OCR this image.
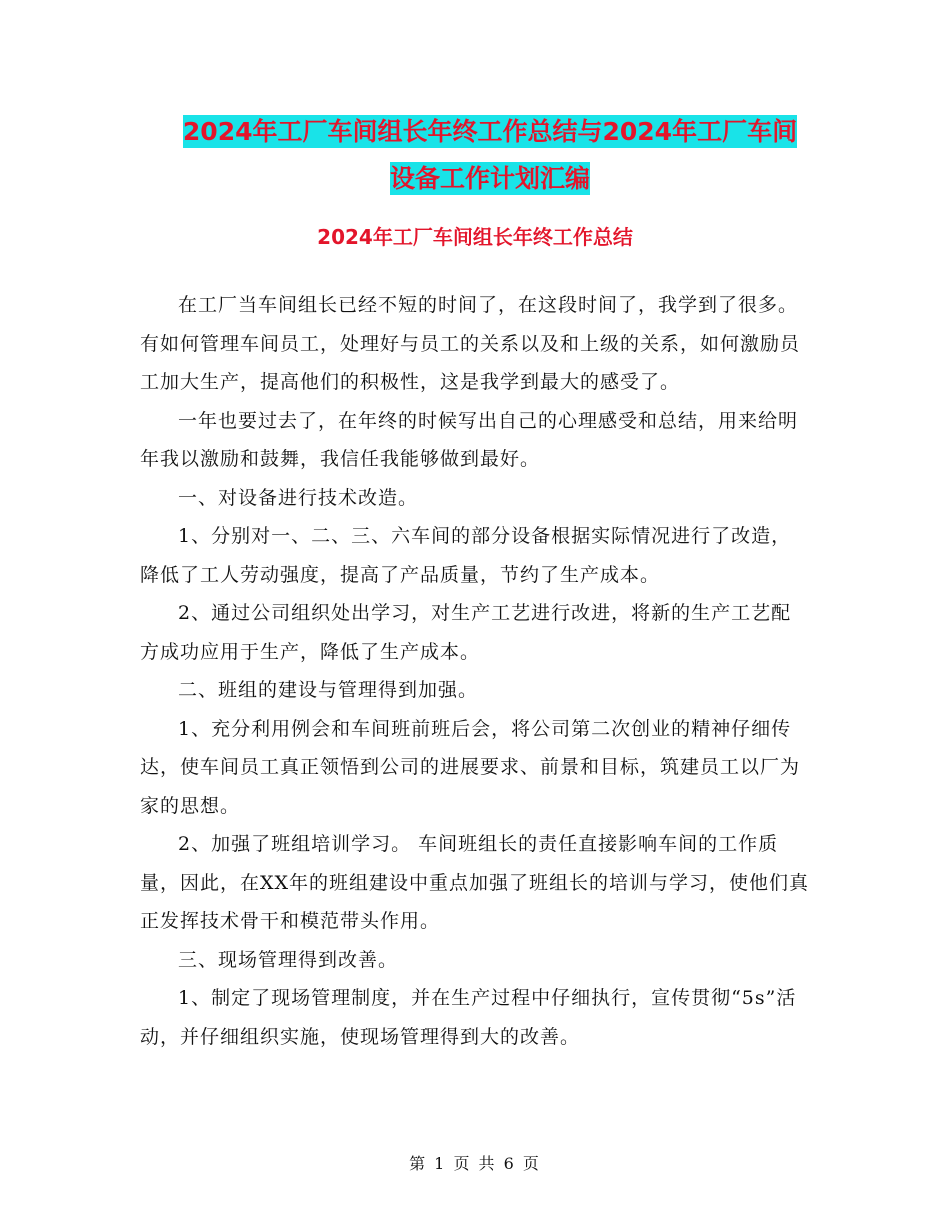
2024年工厂车间组长年终工作总结与2024年工厂车间
设备工作计划汇编
2024年工厂车间组长年终工作总结

在工厂当车间组长已经不短的时间了，在这段时间了，我学到了很多。有如何管理车间员工，处理好与员工的关系以及和上级的关系，如何激励员工加大生产，提高他们的积极性，这是我学到最大的感受了。

一年也要过去了，在年终的时候写出自己的心理感受和总结，用来给明年我以激励和鼓舞，我信任我能够做到最好。

一、对设备进行技术改造。

1、分别对一、二、三、六车间的部分设备根据实际情况进行了改造，降低了工人劳动强度，提高了产品质量，节约了生产成本。

2、通过公司组织处出学习，对生产工艺进行改进，将新的生产工艺配方成功应用于生产，降低了生产成本。

二、班组的建设与管理得到加强。

1、充分利用例会和车间班前班后会，将公司第二次创业的精神仔细传达，使车间员工真正领悟到公司的进展要求、前景和目标，筑建员工以厂为家的思想。

2、加强了班组培训学习。 车间班组长的责任直接影响车间的工作质量，因此，在XX年的班组建设中重点加强了班组长的培训与学习，使他们真正发挥技术骨干和模范带头作用。

三、现场管理得到改善。

1、制定了现场管理制度，并在生产过程中仔细执行，宣传贯彻“5s”活动，并仔细组织实施，使现场管理得到大的改善。

第 1 页 共 6 页
